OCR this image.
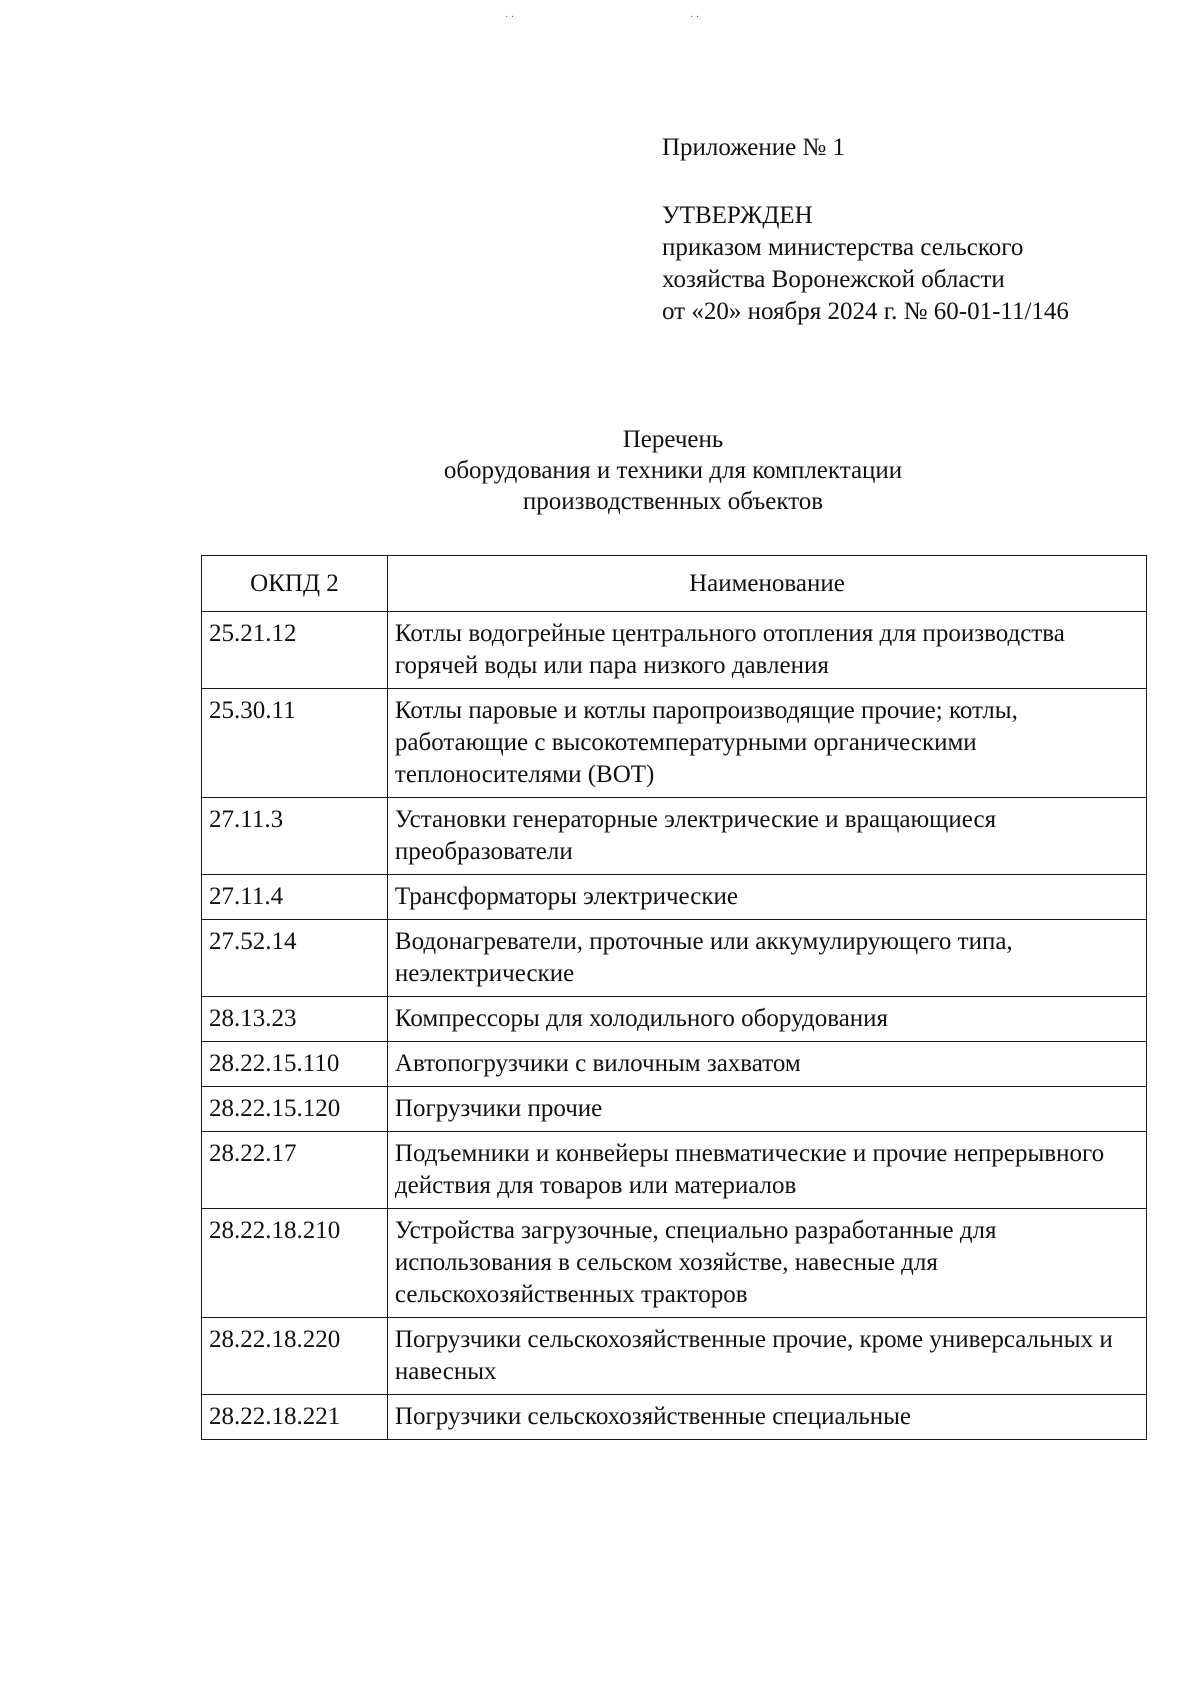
· ·	· ·
Приложение № 1
УТВЕРЖДЕН
приказом министерства сельского
хозяйства Воронежской области
от «20» ноября 2024 г. № 60-01-11/146
Перечень
оборудования и техники для комплектации
производственных объектов
ОКПД 2	Наименование
25.21.12	Котлы водогрейные центрального отопления для производства горячей воды или пара низкого давления
25.30.11	Котлы паровые и котлы паропроизводящие прочие; котлы, работающие с высокотемпературными органическими теплоносителями (ВОТ)
27.11.3	Установки генераторные электрические и вращающиеся преобразователи
27.11.4	Трансформаторы электрические
27.52.14	Водонагреватели, проточные или аккумулирующего типа, неэлектрические
28.13.23	Компрессоры для холодильного оборудования
28.22.15.110	Автопогрузчики с вилочным захватом
28.22.15.120	Погрузчики прочие
28.22.17	Подъемники и конвейеры пневматические и прочие непрерывного действия для товаров или материалов
28.22.18.210	Устройства загрузочные, специально разработанные для использования в сельском хозяйстве, навесные для сельскохозяйственных тракторов
28.22.18.220	Погрузчики сельскохозяйственные прочие, кроме универсальных и навесных
28.22.18.221	Погрузчики сельскохозяйственные специальные
